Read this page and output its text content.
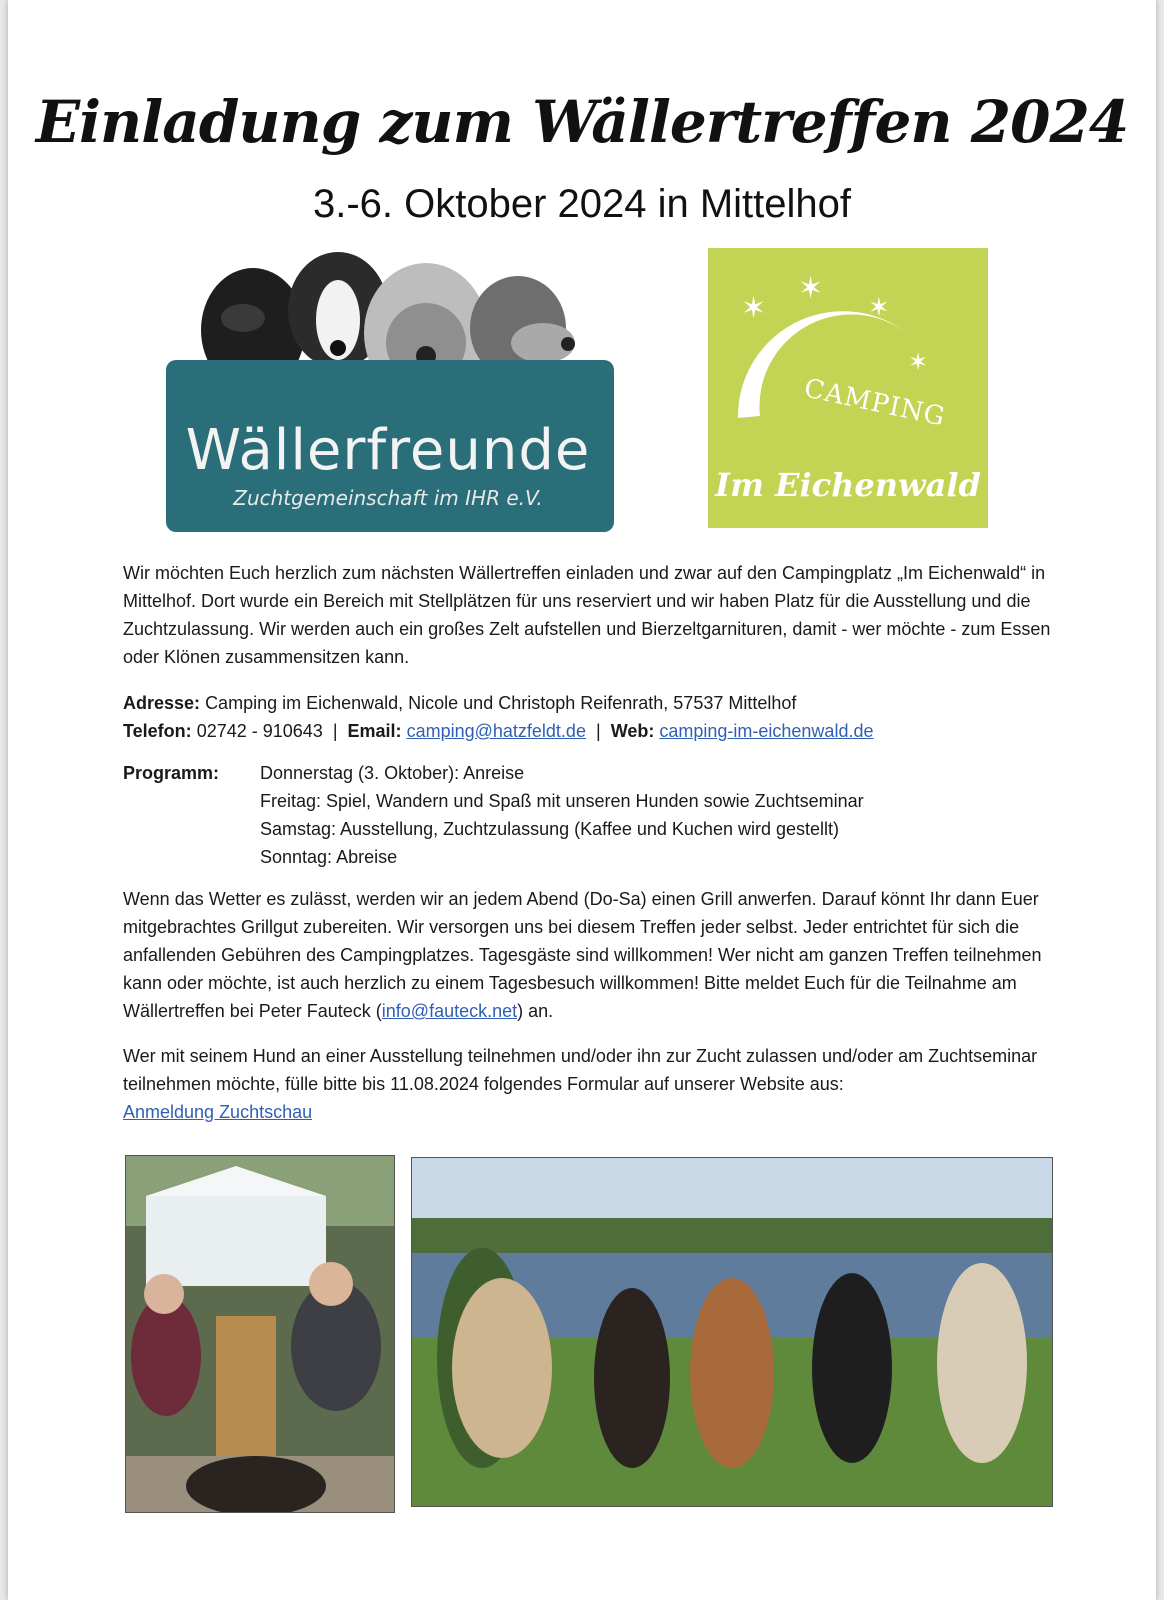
Einladung zum Wällertreffen 2024
3.-6. Oktober 2024 in Mittelhof
Wällerfreunde
Zuchtgemeinschaft im IHR e.V.
✶
✶
✶
✶
CAMPING
Im Eichenwald
Wir möchten Euch herzlich zum nächsten Wällertreffen einladen und zwar auf den Campingplatz „Im Eichenwald“ in Mittelhof. Dort wurde ein Bereich mit Stellplätzen für uns reserviert und wir haben Platz für die Ausstellung und die Zuchtzulassung. Wir werden auch ein großes Zelt aufstellen und Bierzeltgarnituren, damit - wer möchte - zum Essen oder Klönen zusammensitzen kann.
Adresse: Camping im Eichenwald, Nicole und Christoph Reifenrath, 57537 Mittelhof
Telefon: 02742 - 910643 | Email: camping@hatzfeldt.de | Web: camping-im-eichenwald.de
Programm:	Donnerstag (3. Oktober): Anreise
Freitag: Spiel, Wandern und Spaß mit unseren Hunden sowie Zuchtseminar
Samstag: Ausstellung, Zuchtzulassung (Kaffee und Kuchen wird gestellt)
Sonntag: Abreise
Wenn das Wetter es zulässt, werden wir an jedem Abend (Do-Sa) einen Grill anwerfen. Darauf könnt Ihr dann Euer mitgebrachtes Grillgut zubereiten. Wir versorgen uns bei diesem Treffen jeder selbst. Jeder entrichtet für sich die anfallenden Gebühren des Campingplatzes. Tagesgäste sind willkommen! Wer nicht am ganzen Treffen teilnehmen kann oder möchte, ist auch herzlich zu einem Tagesbesuch willkommen! Bitte meldet Euch für die Teilnahme am Wällertreffen bei Peter Fauteck (info@fauteck.net) an.
Wer mit seinem Hund an einer Ausstellung teilnehmen und/oder ihn zur Zucht zulassen und/oder am Zuchtseminar teilnehmen möchte, fülle bitte bis 11.08.2024 folgendes Formular auf unserer Website aus:
Anmeldung Zuchtschau
